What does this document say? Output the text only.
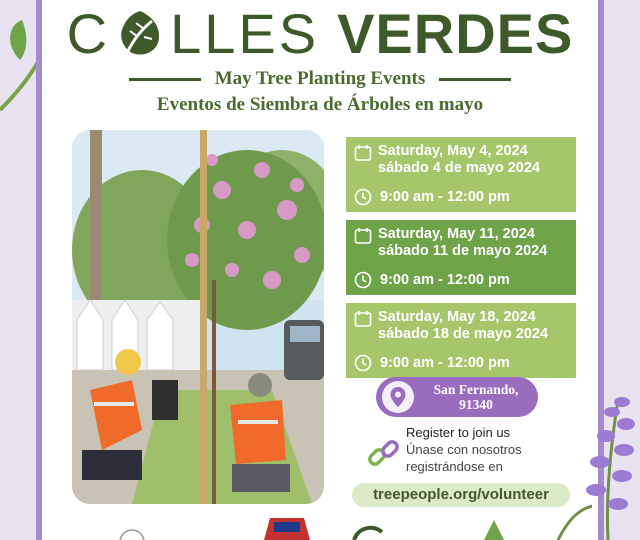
C LLES VERDES
May Tree Planting Events
Eventos de Siembra de Árboles en mayo
Saturday, May 4, 2024
sábado 4 de mayo 2024
9:00 am - 12:00 pm
Saturday, May 11, 2024
sábado 11 de mayo 2024
9:00 am - 12:00 pm
Saturday, May 18, 2024
sábado 18 de mayo 2024
9:00 am - 12:00 pm
San Fernando,
91340
Register to join us
Únase con nosotros
registrándose en
treepeople.org/volunteer
